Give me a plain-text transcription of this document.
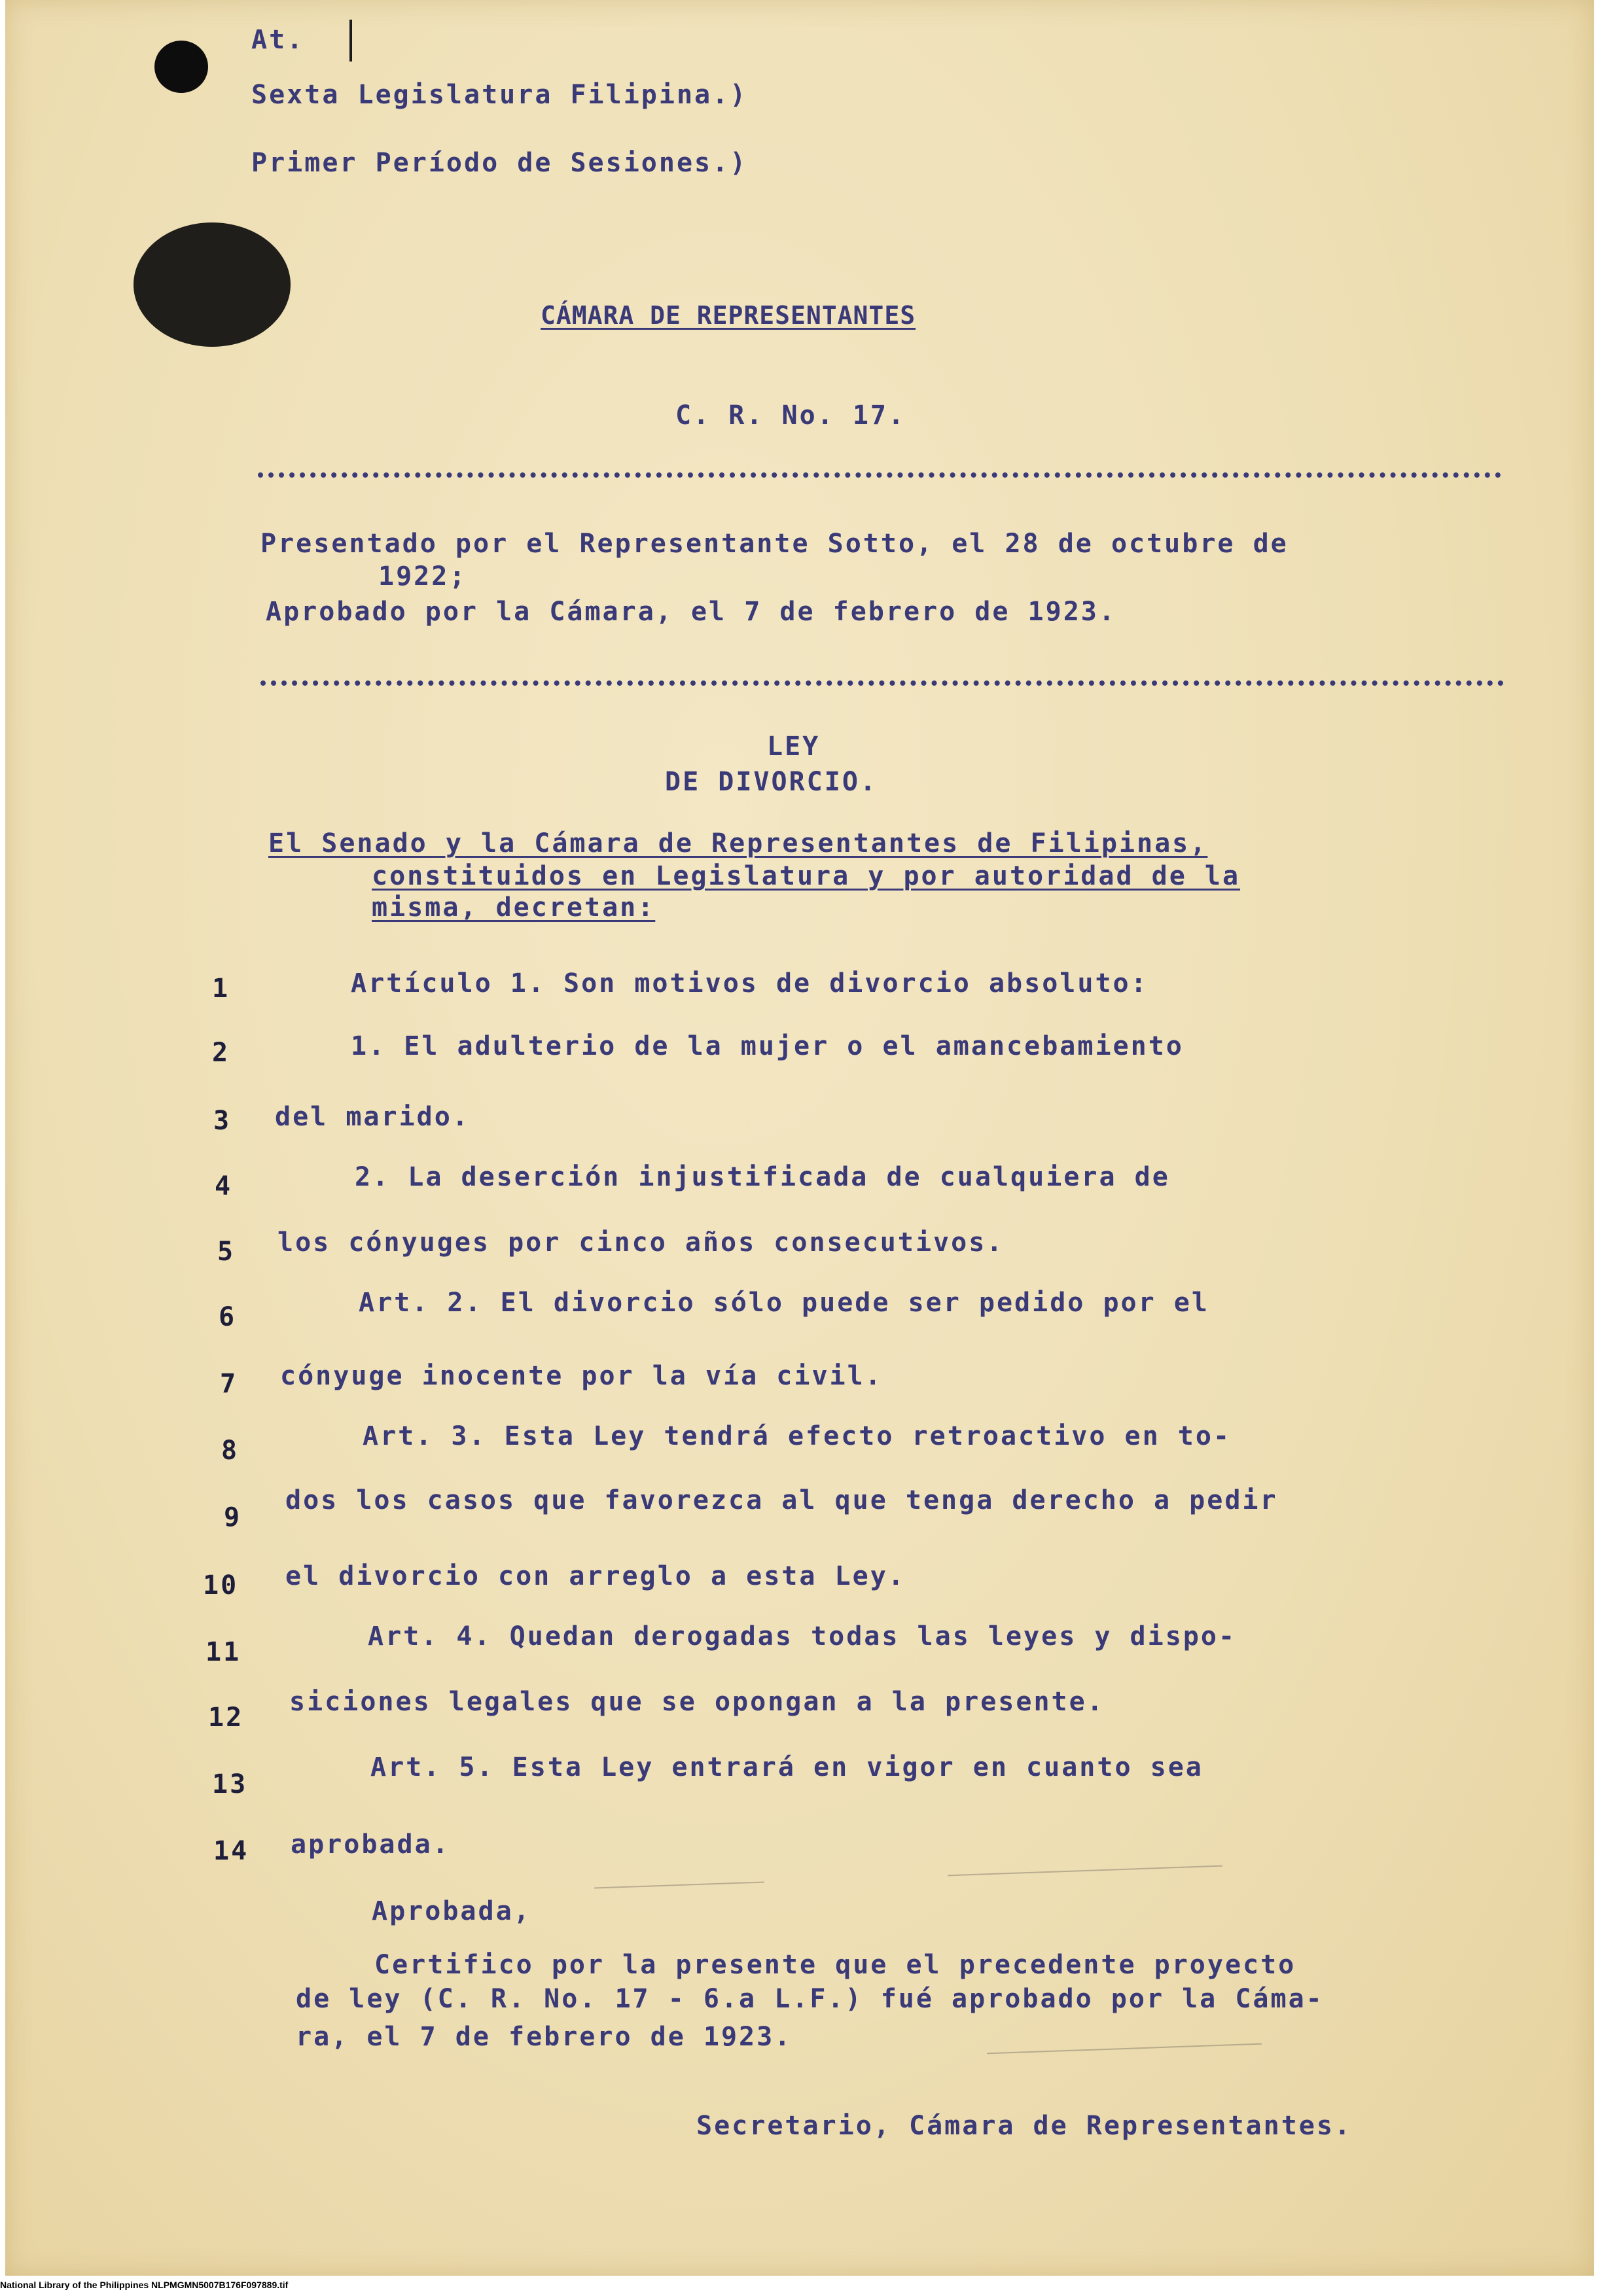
At.
Sexta Legislatura Filipina.)
Primer Período de Sesiones.)
CÁMARA DE REPRESENTANTES
C. R. No. 17.
Presentado por el Representante Sotto, el 28 de octubre de
1922;
Aprobado por la Cámara, el 7 de febrero de 1923.
LEY
DE DIVORCIO.
El Senado y la Cámara de Representantes de Filipinas,
constituidos en Legislatura y por autoridad de la
misma, decretan:
1	Artículo 1. Son motivos de divorcio absoluto:
2	1. El adulterio de la mujer o el amancebamiento
3	del marido.
4	2. La deserción injustificada de cualquiera de
5	los cónyuges por cinco años consecutivos.
6	Art. 2. El divorcio sólo puede ser pedido por el
7	cónyuge inocente por la vía civil.
8	Art. 3. Esta Ley tendrá efecto retroactivo en to-
9
dos los casos que favorezca al que tenga derecho a pedir
10	el divorcio con arreglo a esta Ley.
11
Art. 4. Quedan derogadas todas las leyes y dispo-
12
siciones legales que se opongan a la presente.
13
Art. 5. Esta Ley entrará en vigor en cuanto sea
14	aprobada.
Aprobada,
Certifico por la presente que el precedente proyecto
de ley (C. R. No. 17 - 6.a L.F.) fué aprobado por la Cáma-
ra, el 7 de febrero de 1923.
Secretario, Cámara de Representantes.
National Library of the Philippines NLPMGMN5007B176F097889.tif
